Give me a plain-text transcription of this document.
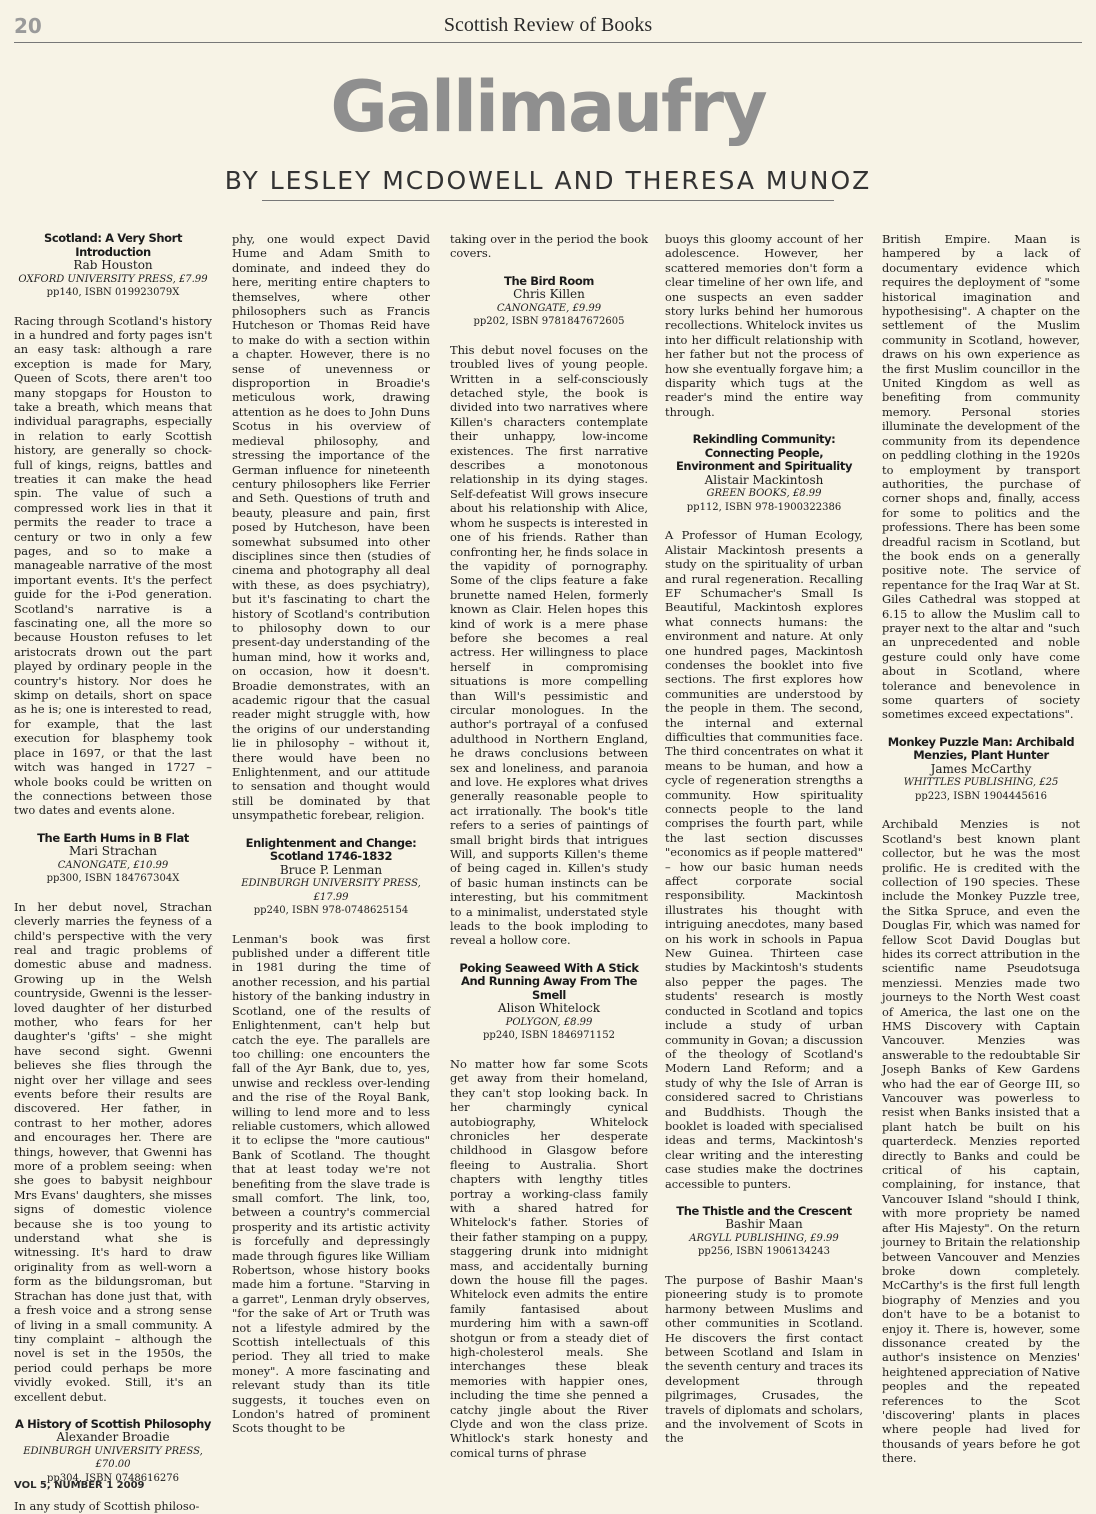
20	Scottish Review of Books
Gallimaufry
BY LESLEY MCDOWELL AND THERESA MUNOZ
Scotland: A Very Short Introduction
Rab Houston
OXFORD UNIVERSITY PRESS, £7.99
pp140, ISBN 019923079X

Racing through Scotland's history in a hundred and forty pages isn't an easy task: although a rare exception is made for Mary, Queen of Scots, there aren't too many stopgaps for Houston to take a breath, which means that individual paragraphs, especially in relation to early Scottish history, are generally so chock-full of kings, reigns, battles and treaties it can make the head spin. The value of such a compressed work lies in that it permits the reader to trace a century or two in only a few pages, and so to make a manageable narrative of the most important events. It's the perfect guide for the i-Pod generation. Scotland's narrative is a fascinating one, all the more so because Houston refuses to let aristocrats drown out the part played by ordinary people in the country's history. Nor does he skimp on details, short on space as he is; one is interested to read, for example, that the last execution for blasphemy took place in 1697, or that the last witch was hanged in 1727 – whole books could be written on the connections between those two dates and events alone.

The Earth Hums in B Flat
Mari Strachan
CANONGATE, £10.99
pp300, ISBN 184767304X

In her debut novel, Strachan cleverly marries the feyness of a child's perspective with the very real and tragic problems of domestic abuse and madness. Growing up in the Welsh countryside, Gwenni is the lesser-loved daughter of her disturbed mother, who fears for her daughter's 'gifts' – she might have second sight. Gwenni believes she flies through the night over her village and sees events before their results are discovered. Her father, in contrast to her mother, adores and encourages her. There are things, however, that Gwenni has more of a problem seeing: when she goes to babysit neighbour Mrs Evans' daughters, she misses signs of domestic violence because she is too young to understand what she is witnessing. It's hard to draw originality from as well-worn a form as the bildungsroman, but Strachan has done just that, with a fresh voice and a strong sense of living in a small community. A tiny complaint – although the novel is set in the 1950s, the period could perhaps be more vividly evoked. Still, it's an excellent debut.

A History of Scottish Philosophy
Alexander Broadie
EDINBURGH UNIVERSITY PRESS, £70.00
pp304, ISBN 0748616276

In any study of Scottish philoso-

phy, one would expect David Hume and Adam Smith to dominate, and indeed they do here, meriting entire chapters to themselves, where other philosophers such as Francis Hutcheson or Thomas Reid have to make do with a section within a chapter. However, there is no sense of unevenness or disproportion in Broadie's meticulous work, drawing attention as he does to John Duns Scotus in his overview of medieval philosophy, and stressing the importance of the German influence for nineteenth century philosophers like Ferrier and Seth. Questions of truth and beauty, pleasure and pain, first posed by Hutcheson, have been somewhat subsumed into other disciplines since then (studies of cinema and photography all deal with these, as does psychiatry), but it's fascinating to chart the history of Scotland's contribution to philosophy down to our present-day understanding of the human mind, how it works and, on occasion, how it doesn't. Broadie demonstrates, with an academic rigour that the casual reader might struggle with, how the origins of our understanding lie in philosophy – without it, there would have been no Enlightenment, and our attitude to sensation and thought would still be dominated by that unsympathetic forebear, religion.

Enlightenment and Change: Scotland 1746-1832
Bruce P. Lenman
EDINBURGH UNIVERSITY PRESS, £17.99
pp240, ISBN 978-0748625154

Lenman's book was first published under a different title in 1981 during the time of another recession, and his partial history of the banking industry in Scotland, one of the results of Enlightenment, can't help but catch the eye. The parallels are too chilling: one encounters the fall of the Ayr Bank, due to, yes, unwise and reckless over-lending and the rise of the Royal Bank, willing to lend more and to less reliable customers, which allowed it to eclipse the "more cautious" Bank of Scotland. The thought that at least today we're not benefiting from the slave trade is small comfort. The link, too, between a country's commercial prosperity and its artistic activity is forcefully and depressingly made through figures like William Robertson, whose history books made him a fortune. "Starving in a garret", Lenman dryly observes, "for the sake of Art or Truth was not a lifestyle admired by the Scottish intellectuals of this period. They all tried to make money". A more fascinating and relevant study than its title suggests, it touches even on London's hatred of prominent Scots thought to be

taking over in the period the book covers.

The Bird Room
Chris Killen
CANONGATE, £9.99
pp202, ISBN 9781847672605

This debut novel focuses on the troubled lives of young people. Written in a self-consciously detached style, the book is divided into two narratives where Killen's characters contemplate their unhappy, low-income existences. The first narrative describes a monotonous relationship in its dying stages. Self-defeatist Will grows insecure about his relationship with Alice, whom he suspects is interested in one of his friends. Rather than confronting her, he finds solace in the vapidity of pornography. Some of the clips feature a fake brunette named Helen, formerly known as Clair. Helen hopes this kind of work is a mere phase before she becomes a real actress. Her willingness to place herself in compromising situations is more compelling than Will's pessimistic and circular monologues. In the author's portrayal of a confused adulthood in Northern England, he draws conclusions between sex and loneliness, and paranoia and love. He explores what drives generally reasonable people to act irrationally. The book's title refers to a series of paintings of small bright birds that intrigues Will, and supports Killen's theme of being caged in. Killen's study of basic human instincts can be interesting, but his commitment to a minimalist, understated style leads to the book imploding to reveal a hollow core.

Poking Seaweed With A Stick And Running Away From The Smell
Alison Whitelock
POLYGON, £8.99
pp240, ISBN 1846971152

No matter how far some Scots get away from their homeland, they can't stop looking back. In her charmingly cynical autobiography, Whitelock chronicles her desperate childhood in Glasgow before fleeing to Australia. Short chapters with lengthy titles portray a working-class family with a shared hatred for Whitelock's father. Stories of their father stamping on a puppy, staggering drunk into midnight mass, and accidentally burning down the house fill the pages. Whitelock even admits the entire family fantasised about murdering him with a sawn-off shotgun or from a steady diet of high-cholesterol meals. She interchanges these bleak memories with happier ones, including the time she penned a catchy jingle about the River Clyde and won the class prize. Whitlock's stark honesty and comical turns of phrase

buoys this gloomy account of her adolescence. However, her scattered memories don't form a clear timeline of her own life, and one suspects an even sadder story lurks behind her humorous recollections. Whitelock invites us into her difficult relationship with her father but not the process of how she eventually forgave him; a disparity which tugs at the reader's mind the entire way through.

Rekindling Community: Connecting People, Environment and Spirituality
Alistair Mackintosh
GREEN BOOKS, £8.99
pp112, ISBN 978-1900322386

A Professor of Human Ecology, Alistair Mackintosh presents a study on the spirituality of urban and rural regeneration. Recalling EF Schumacher's Small Is Beautiful, Mackintosh explores what connects humans: the environment and nature. At only one hundred pages, Mackintosh condenses the booklet into five sections. The first explores how communities are understood by the people in them. The second, the internal and external difficulties that communities face. The third concentrates on what it means to be human, and how a cycle of regeneration strengths a community. How spirituality connects people to the land comprises the fourth part, while the last section discusses "economics as if people mattered" – how our basic human needs affect corporate social responsibility. Mackintosh illustrates his thought with intriguing anecdotes, many based on his work in schools in Papua New Guinea. Thirteen case studies by Mackintosh's students also pepper the pages. The students' research is mostly conducted in Scotland and topics include a study of urban community in Govan; a discussion of the theology of Scotland's Modern Land Reform; and a study of why the Isle of Arran is considered sacred to Christians and Buddhists. Though the booklet is loaded with specialised ideas and terms, Mackintosh's clear writing and the interesting case studies make the doctrines accessible to punters.

The Thistle and the Crescent
Bashir Maan
ARGYLL PUBLISHING, £9.99
pp256, ISBN 1906134243

The purpose of Bashir Maan's pioneering study is to promote harmony between Muslims and other communities in Scotland. He discovers the first contact between Scotland and Islam in the seventh century and traces its development through pilgrimages, Crusades, the travels of diplomats and scholars, and the involvement of Scots in the

British Empire. Maan is hampered by a lack of documentary evidence which requires the deployment of "some historical imagination and hypothesising". A chapter on the settlement of the Muslim community in Scotland, however, draws on his own experience as the first Muslim councillor in the United Kingdom as well as benefiting from community memory. Personal stories illuminate the development of the community from its dependence on peddling clothing in the 1920s to employment by transport authorities, the purchase of corner shops and, finally, access for some to politics and the professions. There has been some dreadful racism in Scotland, but the book ends on a generally positive note. The service of repentance for the Iraq War at St. Giles Cathedral was stopped at 6.15 to allow the Muslim call to prayer next to the altar and "such an unprecedented and noble gesture could only have come about in Scotland, where tolerance and benevolence in some quarters of society sometimes exceed expectations".

Monkey Puzzle Man: Archibald Menzies, Plant Hunter
James McCarthy
WHITTLES PUBLISHING, £25
pp223, ISBN 1904445616

Archibald Menzies is not Scotland's best known plant collector, but he was the most prolific. He is credited with the collection of 190 species. These include the Monkey Puzzle tree, the Sitka Spruce, and even the Douglas Fir, which was named for fellow Scot David Douglas but hides its correct attribution in the scientific name Pseudotsuga menziessi. Menzies made two journeys to the North West coast of America, the last one on the HMS Discovery with Captain Vancouver. Menzies was answerable to the redoubtable Sir Joseph Banks of Kew Gardens who had the ear of George III, so Vancouver was powerless to resist when Banks insisted that a plant hatch be built on his quarterdeck. Menzies reported directly to Banks and could be critical of his captain, complaining, for instance, that Vancouver Island "should I think, with more propriety be named after His Majesty". On the return journey to Britain the relationship between Vancouver and Menzies broke down completely. McCarthy's is the first full length biography of Menzies and you don't have to be a botanist to enjoy it. There is, however, some dissonance created by the author's insistence on Menzies' heightened appreciation of Native peoples and the repeated references to the Scot 'discovering' plants in places where people had lived for thousands of years before he got there.

VOL 5, NUMBER 1 2009
